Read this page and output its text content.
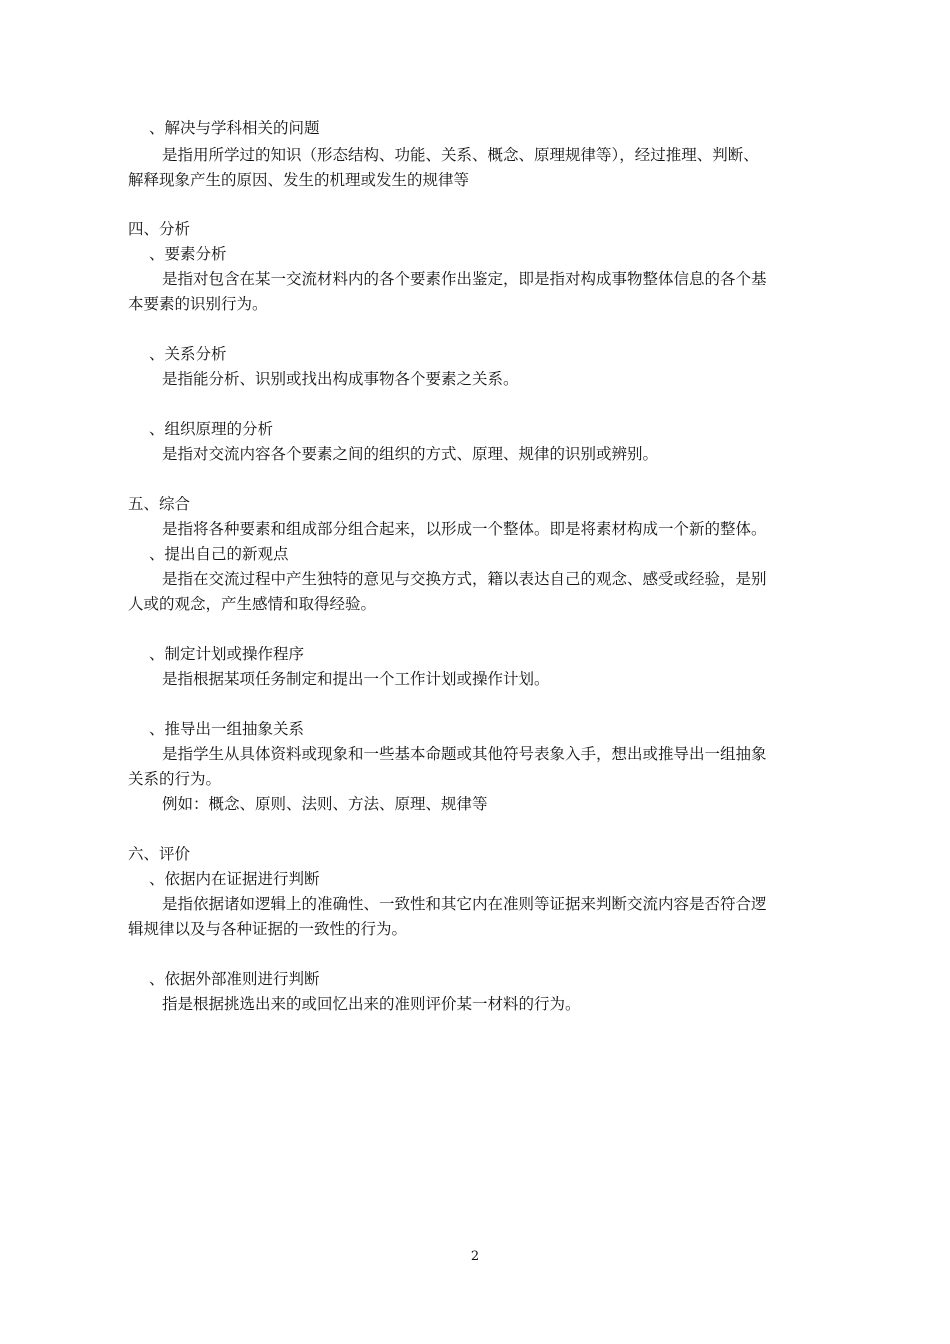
、解决与学科相关的问题
是指用所学过的知识（形态结构、功能、关系、概念、原理规律等），经过推理、判断、
解释现象产生的原因、发生的机理或发生的规律等
四、分析
、要素分析
是指对包含在某一交流材料内的各个要素作出鉴定，即是指对构成事物整体信息的各个基
本要素的识别行为。
、关系分析
是指能分析、识别或找出构成事物各个要素之关系。
、组织原理的分析
是指对交流内容各个要素之间的组织的方式、原理、规律的识别或辨别。
五、综合
是指将各种要素和组成部分组合起来，以形成一个整体。即是将素材构成一个新的整体。
、提出自己的新观点
是指在交流过程中产生独特的意见与交换方式，籍以表达自己的观念、感受或经验，是别
人或的观念，产生感情和取得经验。
、制定计划或操作程序
是指根据某项任务制定和提出一个工作计划或操作计划。
、推导出一组抽象关系
是指学生从具体资料或现象和一些基本命题或其他符号表象入手，想出或推导出一组抽象
关系的行为。
例如：概念、原则、法则、方法、原理、规律等
六、评价
、依据内在证据进行判断
是指依据诸如逻辑上的准确性、一致性和其它内在准则等证据来判断交流内容是否符合逻
辑规律以及与各种证据的一致性的行为。
、依据外部准则进行判断
指是根据挑选出来的或回忆出来的准则评价某一材料的行为。
2
